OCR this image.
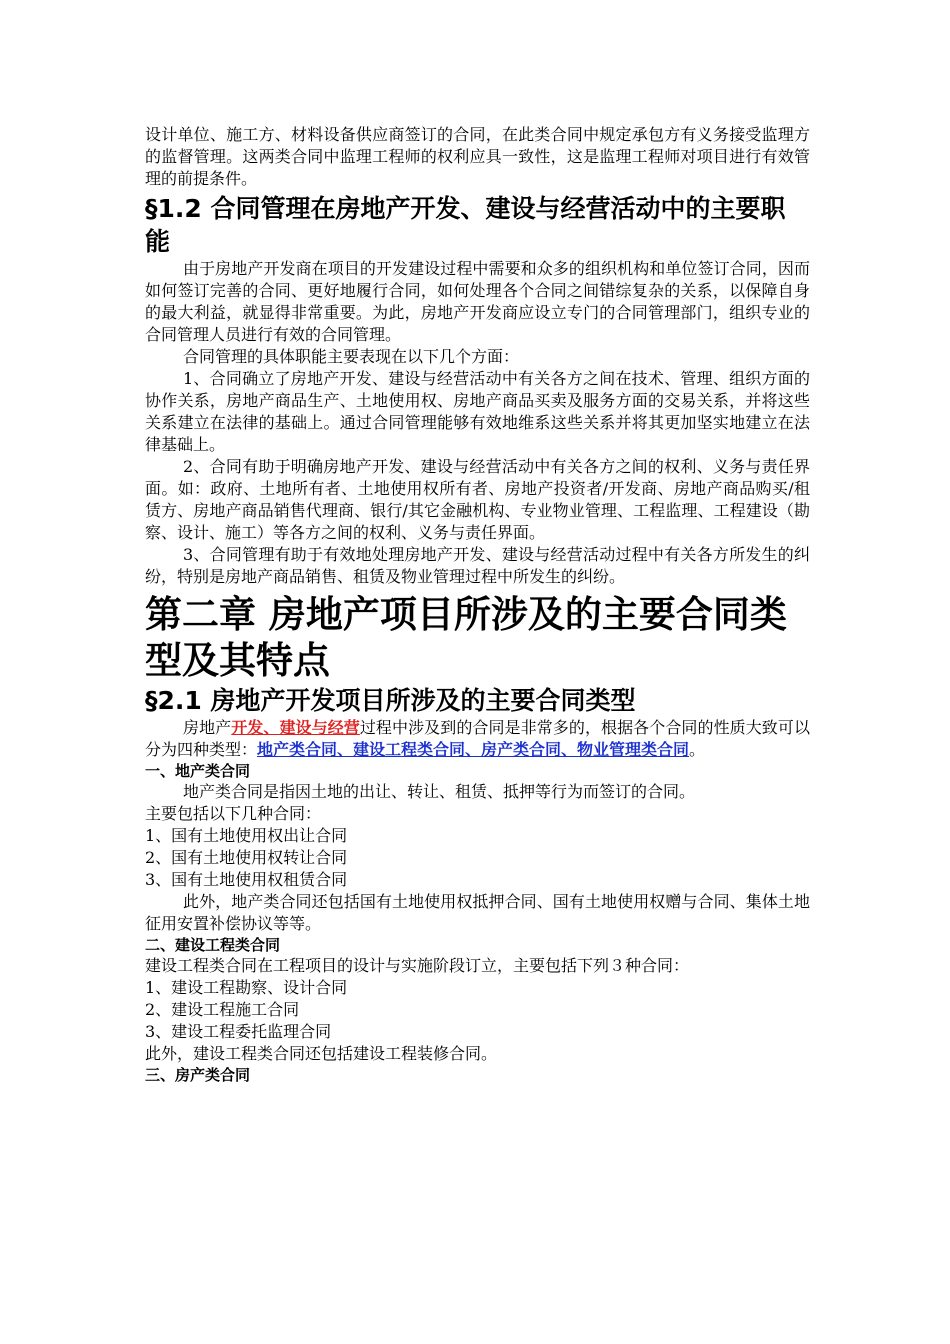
设计单位、施工方、材料设备供应商签订的合同，在此类合同中规定承包方有义务接受监理方的监督管理。这两类合同中监理工程师的权利应具一致性，这是监理工程师对项目进行有效管理的前提条件。

§1.2 合同管理在房地产开发、建设与经营活动中的主要职能

由于房地产开发商在项目的开发建设过程中需要和众多的组织机构和单位签订合同，因而如何签订完善的合同、更好地履行合同，如何处理各个合同之间错综复杂的关系，以保障自身的最大利益，就显得非常重要。为此，房地产开发商应设立专门的合同管理部门，组织专业的合同管理人员进行有效的合同管理。

合同管理的具体职能主要表现在以下几个方面：

1、合同确立了房地产开发、建设与经营活动中有关各方之间在技术、管理、组织方面的协作关系，房地产商品生产、土地使用权、房地产商品买卖及服务方面的交易关系，并将这些关系建立在法律的基础上。通过合同管理能够有效地维系这些关系并将其更加坚实地建立在法律基础上。

2、合同有助于明确房地产开发、建设与经营活动中有关各方之间的权利、义务与责任界面。如：政府、土地所有者、土地使用权所有者、房地产投资者/开发商、房地产商品购买/租赁方、房地产商品销售代理商、银行/其它金融机构、专业物业管理、工程监理、工程建设（勘察、设计、施工）等各方之间的权利、义务与责任界面。

3、合同管理有助于有效地处理房地产开发、建设与经营活动过程中有关各方所发生的纠纷，特别是房地产商品销售、租赁及物业管理过程中所发生的纠纷。

第二章 房地产项目所涉及的主要合同类型及其特点

§2.1 房地产开发项目所涉及的主要合同类型

房地产开发、建设与经营过程中涉及到的合同是非常多的，根据各个合同的性质大致可以分为四种类型：地产类合同、建设工程类合同、房产类合同、物业管理类合同。

一、地产类合同

地产类合同是指因土地的出让、转让、租赁、抵押等行为而签订的合同。

主要包括以下几种合同：

1、国有土地使用权出让合同

2、国有土地使用权转让合同

3、国有土地使用权租赁合同

此外，地产类合同还包括国有土地使用权抵押合同、国有土地使用权赠与合同、集体土地征用安置补偿协议等等。

二、建设工程类合同

建设工程类合同在工程项目的设计与实施阶段订立，主要包括下列３种合同：

1、建设工程勘察、设计合同

2、建设工程施工合同

3、建设工程委托监理合同

此外，建设工程类合同还包括建设工程装修合同。

三、房产类合同
